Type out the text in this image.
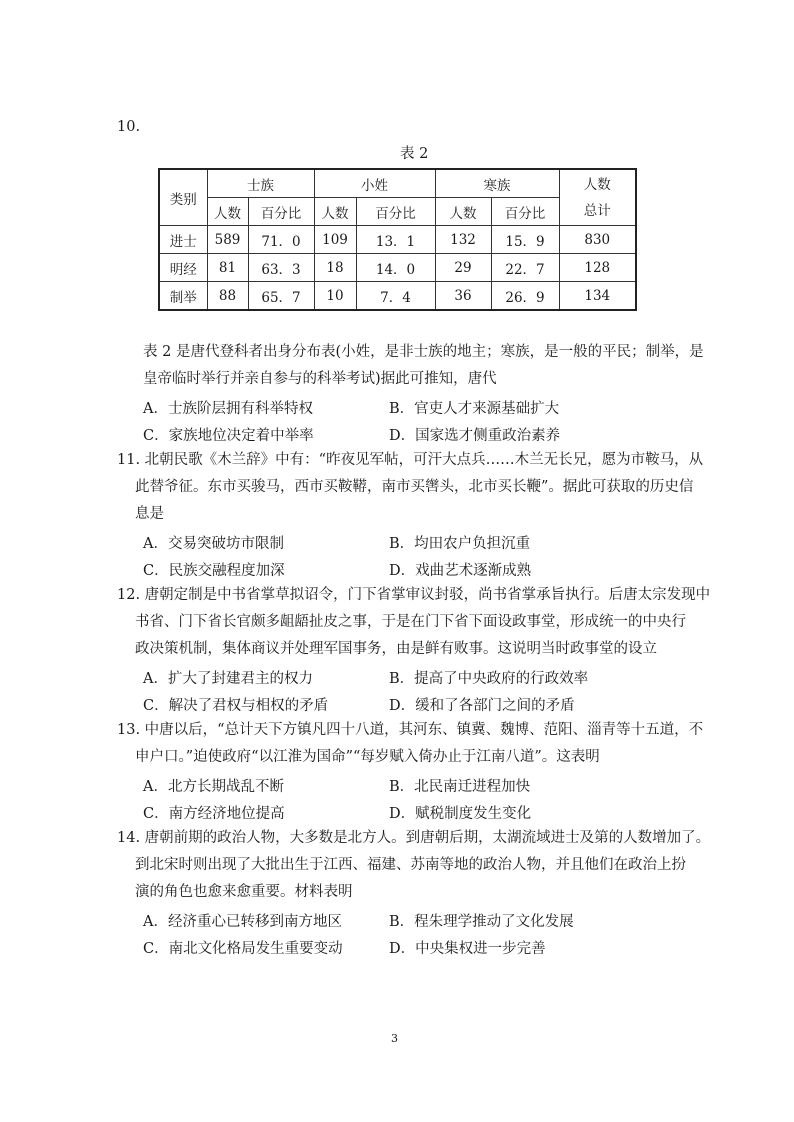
10.
表 2
类别	士族		小姓		寒族		人数
总计
	人数	百分比	人数	百分比	人数	百分比	
进士	589	71．0	109	13．1	132	15．9	830
明经	81	63．3	18	14．0	29	22．7	128
制举	88	65．7	10	7．4	36	26．9	134
表 2 是唐代登科者出身分布表(小姓，是非士族的地主；寒族，是一般的平民；制举，是
皇帝临时举行并亲自参与的科举考试)据此可推知，唐代
A．士族阶层拥有科举特权	B．官吏人才来源基础扩大
C．家族地位决定着中举率	D．国家选才侧重政治素养
11. 北朝民歌《木兰辞》中有：“昨夜见军帖，可汗大点兵……木兰无长兄，愿为市鞍马，从
此替爷征。东市买骏马，西市买鞍鞯，南市买辔头，北市买长鞭”。据此可获取的历史信
息是
A．交易突破坊市限制	B．均田农户负担沉重
C．民族交融程度加深	D．戏曲艺术逐渐成熟
12. 唐朝定制是中书省掌草拟诏令，门下省掌审议封驳，尚书省掌承旨执行。后唐太宗发现中
书省、门下省长官颇多龃龉扯皮之事，于是在门下省下面设政事堂，形成统一的中央行
政决策机制，集体商议并处理军国事务，由是鲜有败事。这说明当时政事堂的设立
A．扩大了封建君主的权力	B．提高了中央政府的行政效率
C．解决了君权与相权的矛盾	D．缓和了各部门之间的矛盾
13. 中唐以后，“总计天下方镇凡四十八道，其河东、镇冀、魏博、范阳、淄青等十五道，不
申户口。”迫使政府“以江淮为国命”“每岁赋入倚办止于江南八道”。这表明
A．北方长期战乱不断	B．北民南迁进程加快
C．南方经济地位提高	D．赋税制度发生变化
14. 唐朝前期的政治人物，大多数是北方人。到唐朝后期，太湖流域进士及第的人数增加了。
到北宋时则出现了大批出生于江西、福建、苏南等地的政治人物，并且他们在政治上扮
演的角色也愈来愈重要。材料表明
A．经济重心已转移到南方地区	B．程朱理学推动了文化发展
C．南北文化格局发生重要变动	D．中央集权进一步完善
3
